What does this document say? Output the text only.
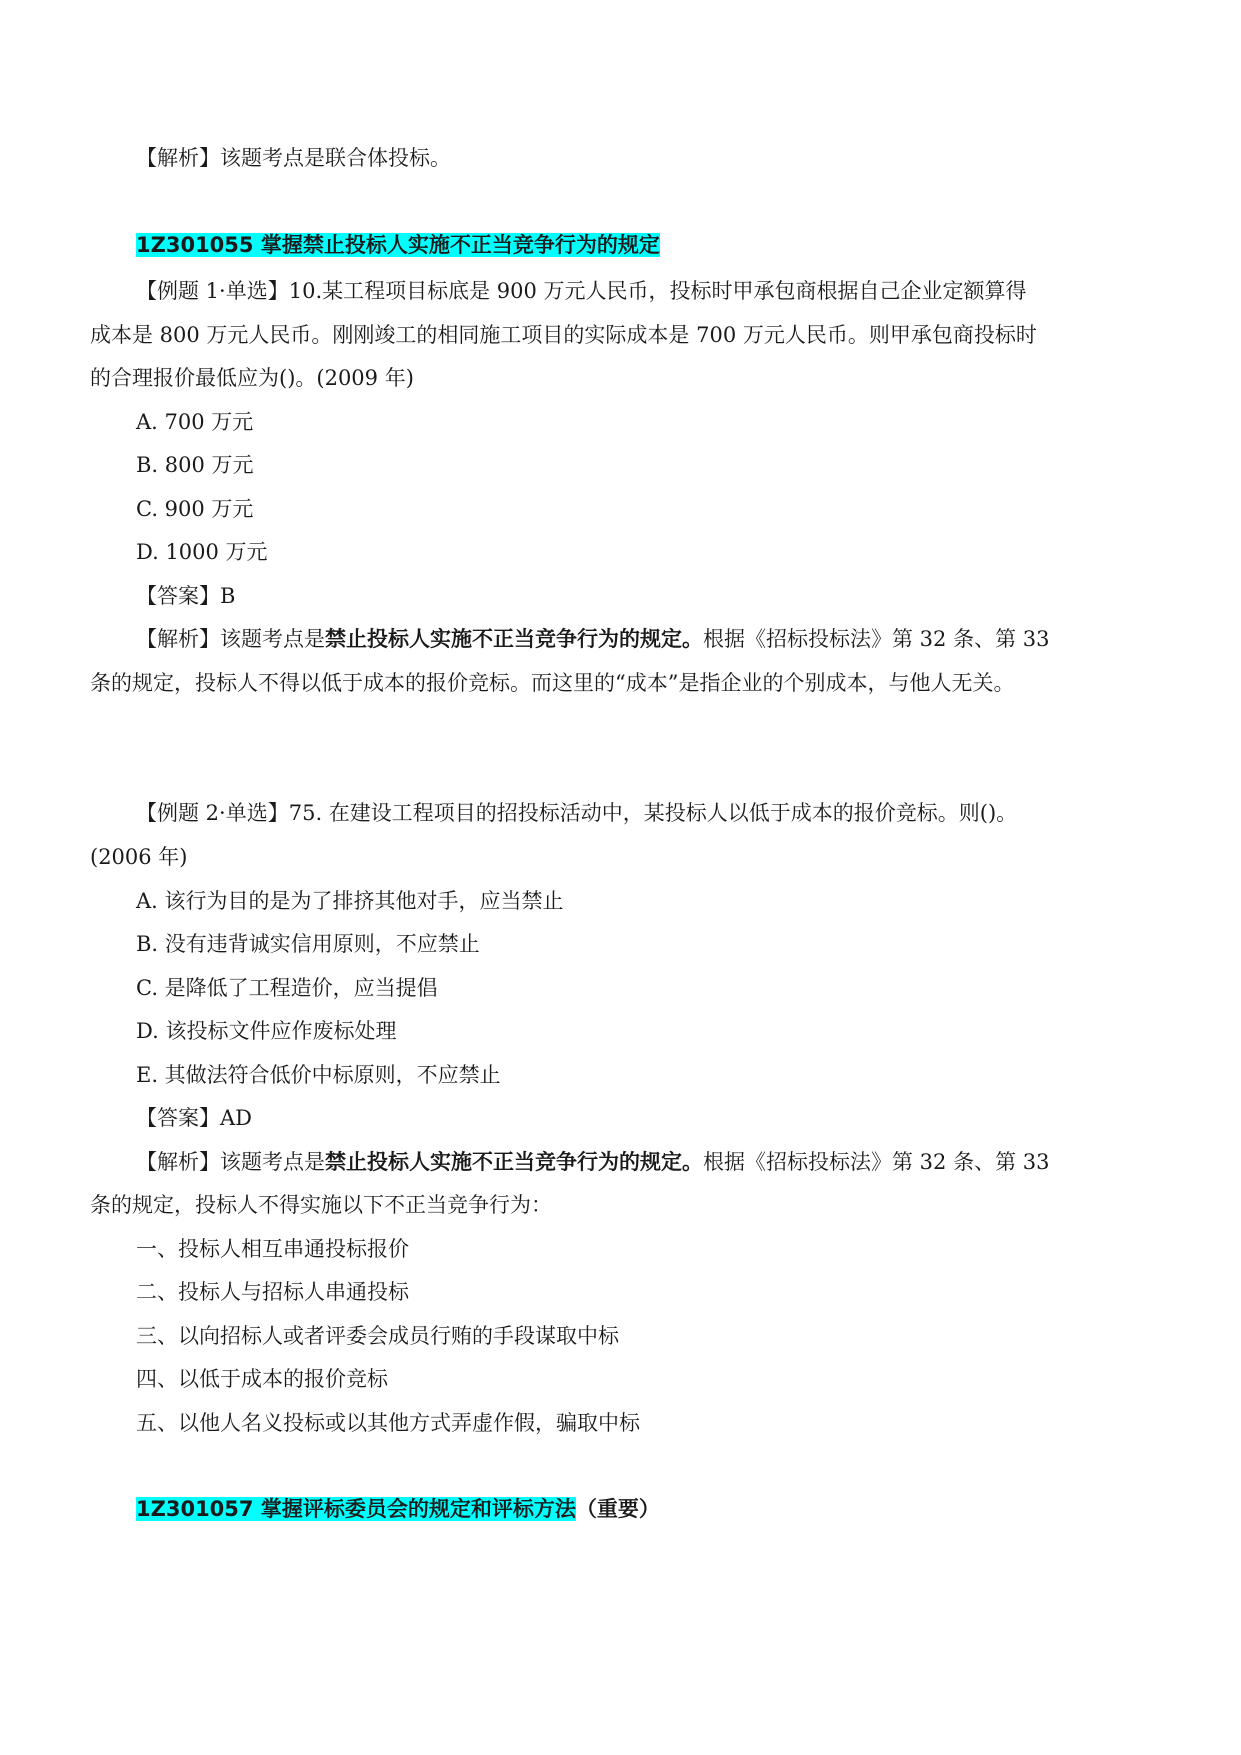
【解析】该题考点是联合体投标。
1Z301055 掌握禁止投标人实施不正当竞争行为的规定
【例题 1·单选】10.某工程项目标底是 900 万元人民币，投标时甲承包商根据自己企业定额算得
成本是 800 万元人民币。刚刚竣工的相同施工项目的实际成本是 700 万元人民币。则甲承包商投标时
的合理报价最低应为()。(2009 年)
A. 700 万元
B. 800 万元
C. 900 万元
D. 1000 万元
【答案】B
【解析】该题考点是禁止投标人实施不正当竞争行为的规定。根据《招标投标法》第 32 条、第 33
条的规定，投标人不得以低于成本的报价竞标。而这里的“成本”是指企业的个别成本，与他人无关。
【例题 2·单选】75. 在建设工程项目的招投标活动中，某投标人以低于成本的报价竞标。则()。
(2006 年)
A. 该行为目的是为了排挤其他对手，应当禁止
B. 没有违背诚实信用原则，不应禁止
C. 是降低了工程造价，应当提倡
D. 该投标文件应作废标处理
E. 其做法符合低价中标原则，不应禁止
【答案】AD
【解析】该题考点是禁止投标人实施不正当竞争行为的规定。根据《招标投标法》第 32 条、第 33
条的规定，投标人不得实施以下不正当竞争行为：
一、投标人相互串通投标报价
二、投标人与招标人串通投标
三、以向招标人或者评委会成员行贿的手段谋取中标
四、以低于成本的报价竞标
五、以他人名义投标或以其他方式弄虚作假，骗取中标
1Z301057 掌握评标委员会的规定和评标方法（重要）
